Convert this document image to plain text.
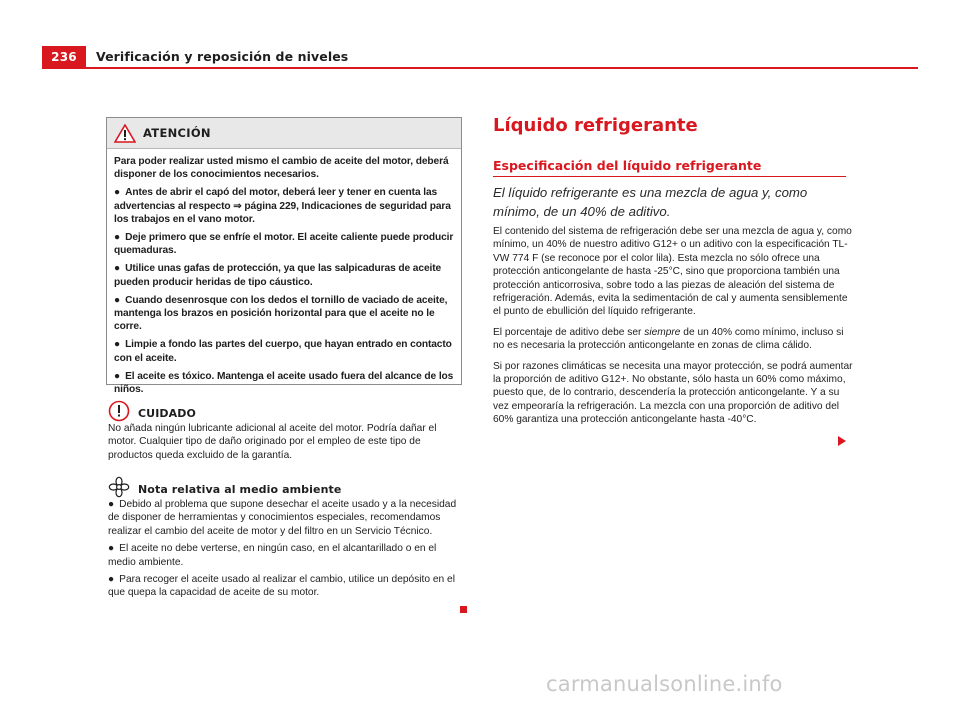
236	Verificación y reposición de niveles
ATENCIÓN

Para poder realizar usted mismo el cambio de aceite del motor, deberá disponer de los conocimientos necesarios.

● Antes de abrir el capó del motor, deberá leer y tener en cuenta las advertencias al respecto ⇒ página 229, Indicaciones de seguridad para los trabajos en el vano motor.

● Deje primero que se enfríe el motor. El aceite caliente puede producir quemaduras.

● Utilice unas gafas de protección, ya que las salpicaduras de aceite pueden producir heridas de tipo cáustico.

● Cuando desenrosque con los dedos el tornillo de vaciado de aceite, mantenga los brazos en posición horizontal para que el aceite no le corre.

● Limpie a fondo las partes del cuerpo, que hayan entrado en contacto con el aceite.

● El aceite es tóxico. Mantenga el aceite usado fuera del alcance de los niños.

CUIDADO

No añada ningún lubricante adicional al aceite del motor. Podría dañar el motor. Cualquier tipo de daño originado por el empleo de este tipo de productos queda excluido de la garantía.

Nota relativa al medio ambiente

● Debido al problema que supone desechar el aceite usado y a la necesidad de disponer de herramientas y conocimientos especiales, recomendamos realizar el cambio del aceite de motor y del filtro en un Servicio Técnico.

● El aceite no debe verterse, en ningún caso, en el alcantarillado o en el medio ambiente.

● Para recoger el aceite usado al realizar el cambio, utilice un depósito en el que quepa la capacidad de aceite de su motor.

Líquido refrigerante
Especificación del líquido refrigerante
El líquido refrigerante es una mezcla de agua y, como mínimo, de un 40% de aditivo.

El contenido del sistema de refrigeración debe ser una mezcla de agua y, como mínimo, un 40% de nuestro aditivo G12+ o un aditivo con la especificación TL-VW 774 F (se reconoce por el color lila). Esta mezcla no sólo ofrece una protección anticongelante de hasta -25°C, sino que proporciona también una protección anticorrosiva, sobre todo a las piezas de aleación del sistema de refrigeración. Además, evita la sedimentación de cal y aumenta sensiblemente el punto de ebullición del líquido refrigerante.

El porcentaje de aditivo debe ser siempre de un 40% como mínimo, incluso si no es necesaria la protección anticongelante en zonas de clima cálido.

Si por razones climáticas se necesita una mayor protección, se podrá aumentar la proporción de aditivo G12+. No obstante, sólo hasta un 60% como máximo, puesto que, de lo contrario, descendería la protección anticongelante. Y a su vez empeoraría la refrigeración. La mezcla con una proporción de aditivo del 60% garantiza una protección anticongelante hasta -40°C.

carmanualsonline.info
